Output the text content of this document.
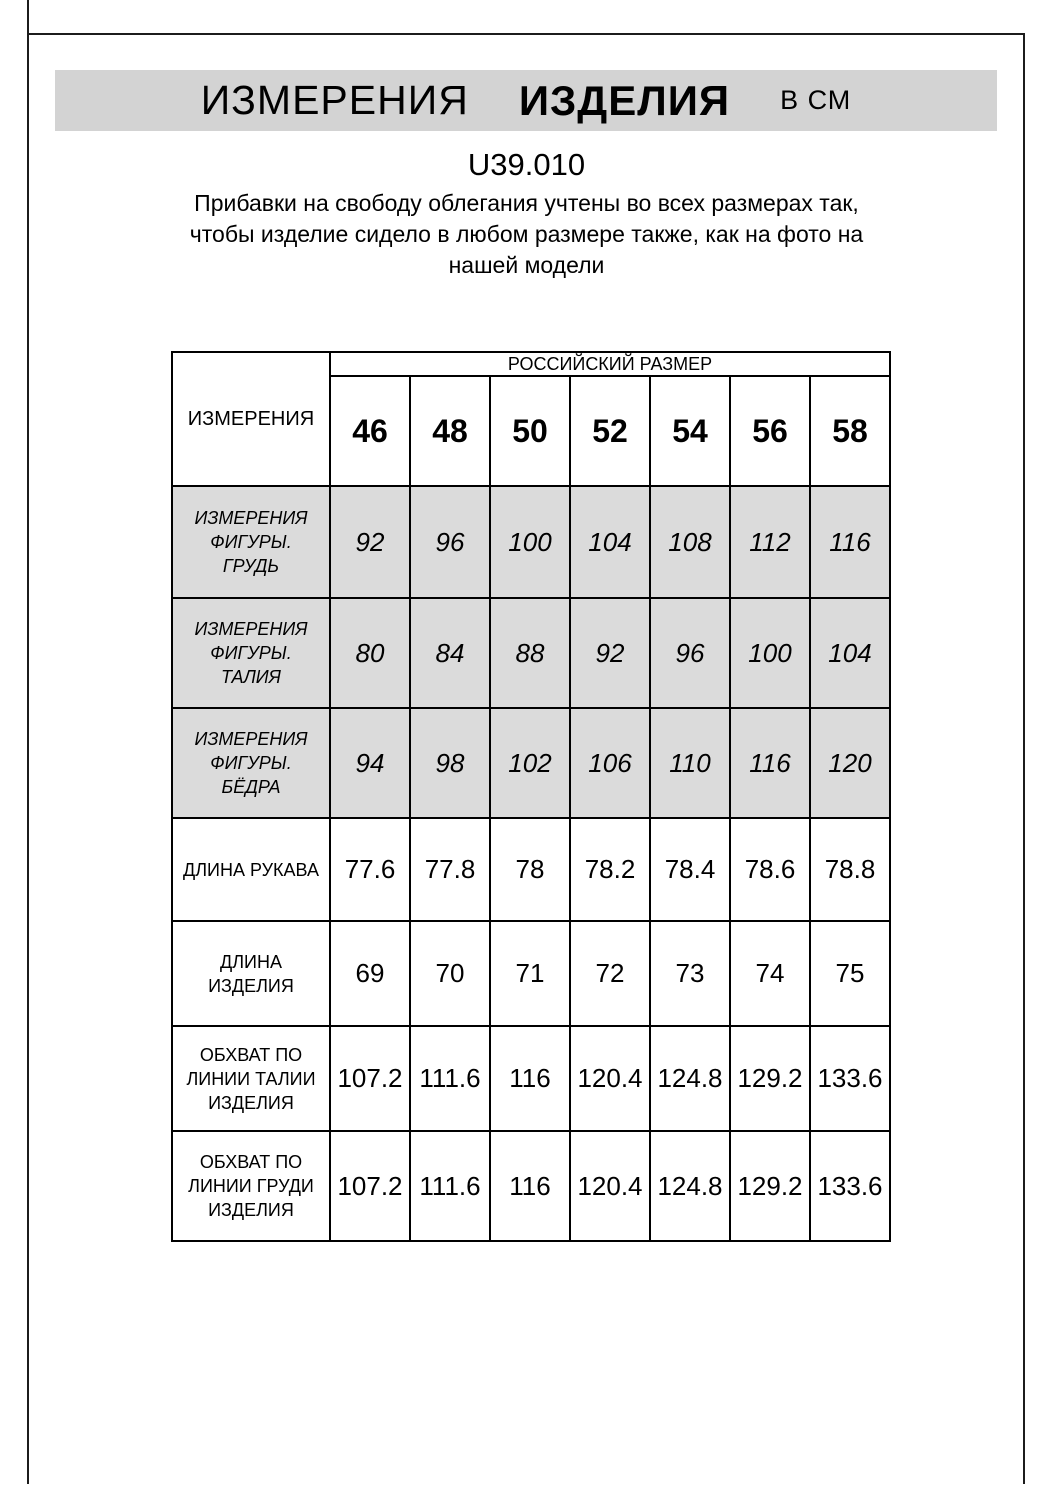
ИЗМЕРЕНИЯ ИЗДЕЛИЯ В СМ
U39.010
Прибавки на свободу облегания учтены во всех размерах так,
чтобы изделие сидело в любом размере также, как на фото на
нашей модели
ИЗМЕРЕНИЯ	РОССИЙСКИЙ РАЗМЕР						
	46	48	50	52	54	56	58
ИЗМЕРЕНИЯ ФИГУРЫ. ГРУДЬ	92	96	100	104	108	112	116
ИЗМЕРЕНИЯ ФИГУРЫ. ТАЛИЯ	80	84	88	92	96	100	104
ИЗМЕРЕНИЯ ФИГУРЫ. БЁДРА	94	98	102	106	110	116	120
ДЛИНА РУКАВА	77.6	77.8	78	78.2	78.4	78.6	78.8
ДЛИНА ИЗДЕЛИЯ	69	70	71	72	73	74	75
ОБХВАТ ПО ЛИНИИ ТАЛИИ ИЗДЕЛИЯ	107.2	111.6	116	120.4	124.8	129.2	133.6
ОБХВАТ ПО ЛИНИИ ГРУДИ ИЗДЕЛИЯ	107.2	111.6	116	120.4	124.8	129.2	133.6
